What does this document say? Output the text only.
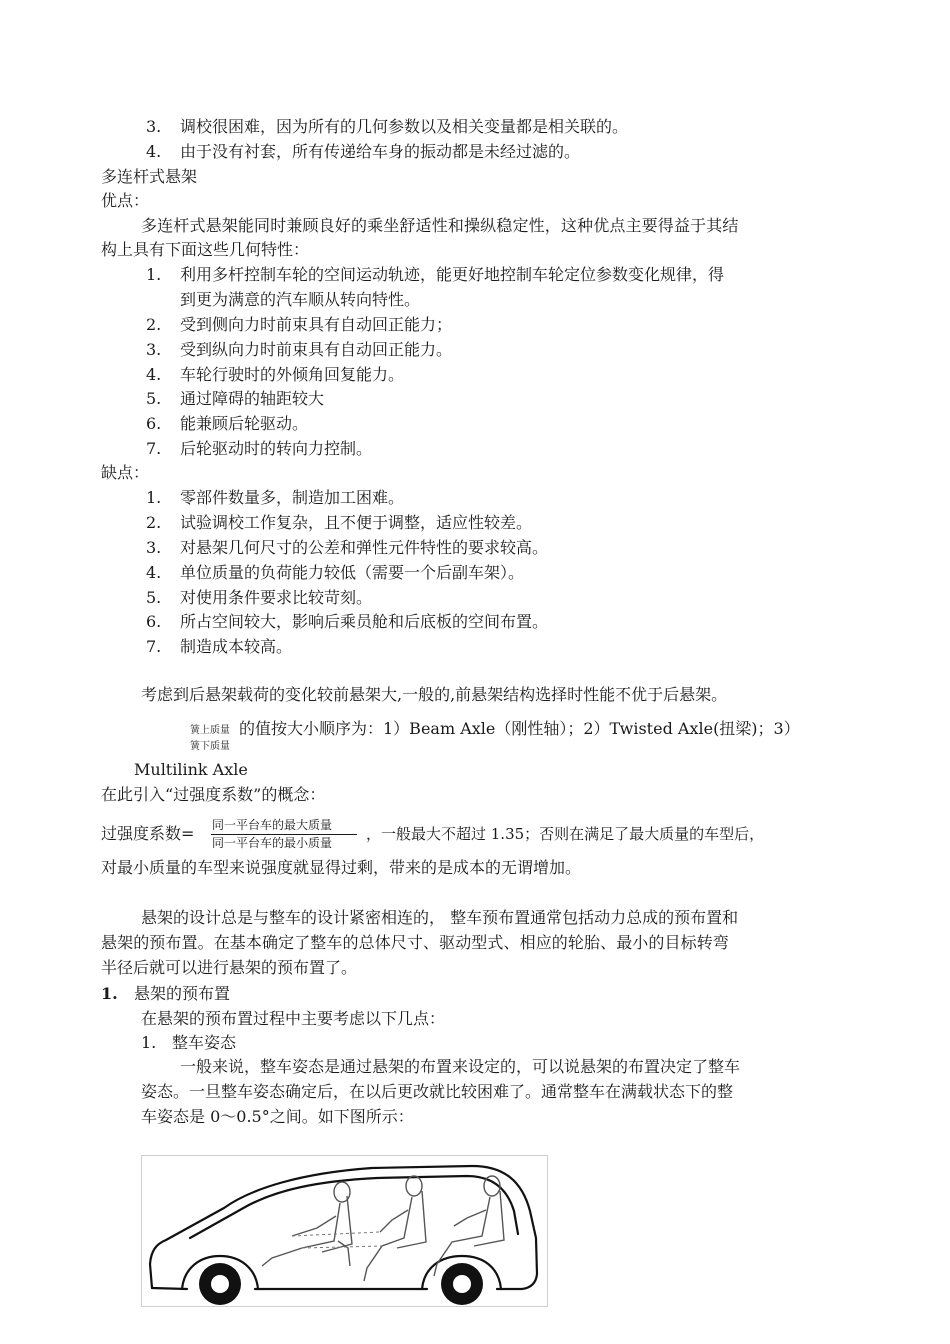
3. 调校很困难，因为所有的几何参数以及相关变量都是相关联的。
4. 由于没有衬套，所有传递给车身的振动都是未经过滤的。
多连杆式悬架
优点：
多连杆式悬架能同时兼顾良好的乘坐舒适性和操纵稳定性，这种优点主要得益于其结
构上具有下面这些几何特性：
1. 利用多杆控制车轮的空间运动轨迹，能更好地控制车轮定位参数变化规律，得
到更为满意的汽车顺从转向特性。
2. 受到侧向力时前束具有自动回正能力；
3. 受到纵向力时前束具有自动回正能力。
4. 车轮行驶时的外倾角回复能力。
5. 通过障碍的轴距较大
6. 能兼顾后轮驱动。
7. 后轮驱动时的转向力控制。
缺点：
1. 零部件数量多，制造加工困难。
2. 试验调校工作复杂，且不便于调整，适应性较差。
3. 对悬架几何尺寸的公差和弹性元件特性的要求较高。
4. 单位质量的负荷能力较低（需要一个后副车架）。
5. 对使用条件要求比较苛刻。
6. 所占空间较大，影响后乘员舱和后底板的空间布置。
7. 制造成本较高。
考虑到后悬架载荷的变化较前悬架大,一般的,前悬架结构选择时性能不优于后悬架。
簧上质量
簧下质量
的值按大小顺序为：1）Beam Axle（刚性轴）；2）Twisted Axle(扭梁)；3）
Multilink Axle
在此引入“过强度系数”的概念：
过强度系数= 同一平台车的最大质量
同一平台车的最小质量 ，一般最大不超过 1.35；否则在满足了最大质量的车型后，
对最小质量的车型来说强度就显得过剩，带来的是成本的无谓增加。
悬架的设计总是与整车的设计紧密相连的， 整车预布置通常包括动力总成的预布置和
悬架的预布置。在基本确定了整车的总体尺寸、驱动型式、相应的轮胎、最小的目标转弯
半径后就可以进行悬架的预布置了。
1. 悬架的预布置
在悬架的预布置过程中主要考虑以下几点：
1. 整车姿态
一般来说，整车姿态是通过悬架的布置来设定的，可以说悬架的布置决定了整车
姿态。一旦整车姿态确定后，在以后更改就比较困难了。通常整车在满载状态下的整
车姿态是 0～0.5°之间。如下图所示：
